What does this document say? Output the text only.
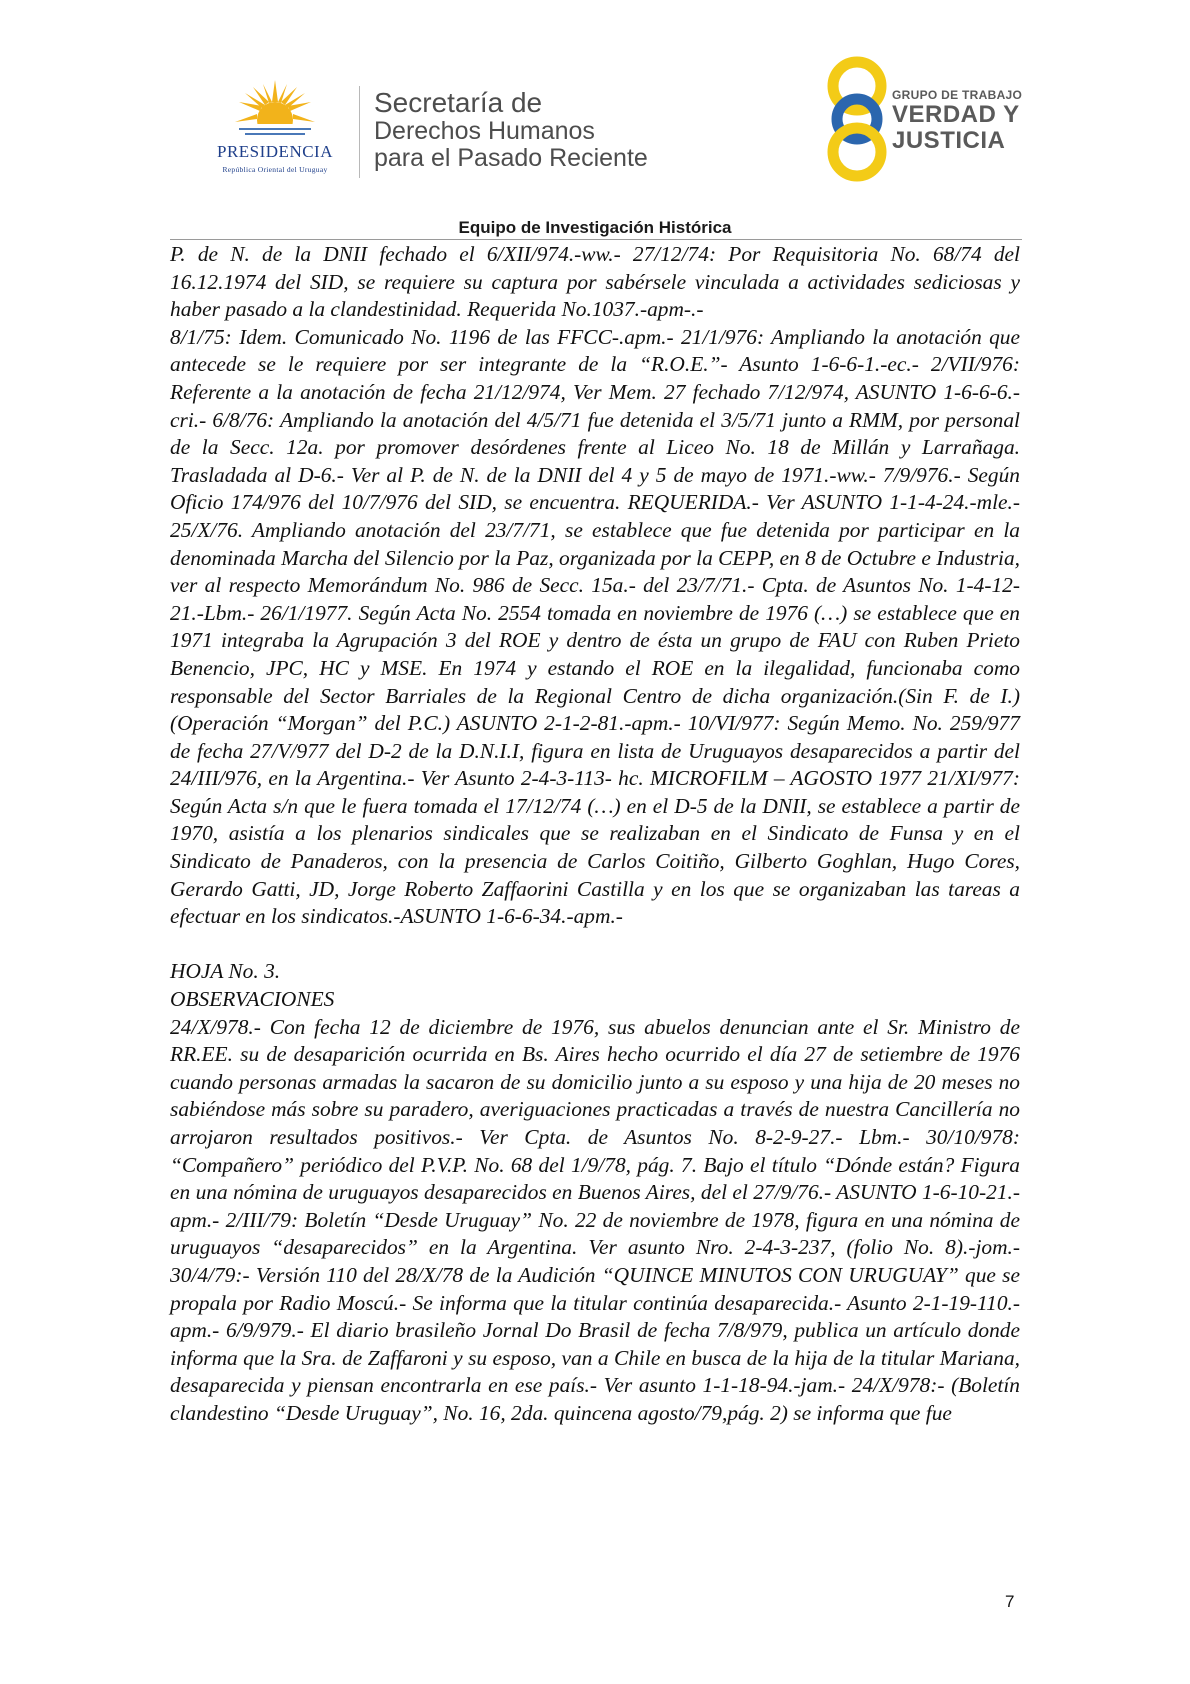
PRESIDENCIA
República Oriental del Uruguay
Secretaría de
Derechos Humanos
para el Pasado Reciente
GRUPO DE TRABAJO
VERDAD Y
JUSTICIA
Equipo de Investigación Histórica

P. de N. de la DNII fechado el 6/XII/974.-ww.- 27/12/74: Por Requisitoria No. 68/74 del 16.12.1974 del SID, se requiere su captura por sabérsele vinculada a actividades sediciosas y haber pasado a la clandestinidad. Requerida No.1037.-apm-.-

8/1/75: Idem. Comunicado No. 1196 de las FFCC-.apm.- 21/1/976: Ampliando la anotación que antecede se le requiere por ser integrante de la “R.O.E.”- Asunto 1-6-6-1.-ec.- 2/VII/976: Referente a la anotación de fecha 21/12/974, Ver Mem. 27 fechado 7/12/974, ASUNTO 1-6-6-6.-cri.- 6/8/76: Ampliando la anotación del 4/5/71 fue detenida el 3/5/71 junto a RMM, por personal de la Secc. 12a. por promover desórdenes frente al Liceo No. 18 de Millán y Larrañaga. Trasladada al D-6.- Ver al P. de N. de la DNII del 4 y 5 de mayo de 1971.-ww.- 7/9/976.- Según Oficio 174/976 del 10/7/976 del SID, se encuentra. REQUERIDA.- Ver ASUNTO 1-1-4-24.-mle.- 25/X/76. Ampliando anotación del 23/7/71, se establece que fue detenida por participar en la denominada Marcha del Silencio por la Paz, organizada por la CEPP, en 8 de Octubre e Industria, ver al respecto Memorándum No. 986 de Secc. 15a.- del 23/7/71.- Cpta. de Asuntos No. 1-4-12-21.-Lbm.- 26/1/1977. Según Acta No. 2554 tomada en noviembre de 1976 (…) se establece que en 1971 integraba la Agrupación 3 del ROE y dentro de ésta un grupo de FAU con Ruben Prieto Benencio, JPC, HC y MSE. En 1974 y estando el ROE en la ilegalidad, funcionaba como responsable del Sector Barriales de la Regional Centro de dicha organización.(Sin F. de I.) (Operación “Morgan” del P.C.) ASUNTO 2-1-2-81.-apm.- 10/VI/977: Según Memo. No. 259/977 de fecha 27/V/977 del D-2 de la D.N.I.I, figura en lista de Uruguayos desaparecidos a partir del 24/III/976, en la Argentina.- Ver Asunto 2-4-3-113- hc. MICROFILM – AGOSTO 1977 21/XI/977: Según Acta s/n que le fuera tomada el 17/12/74 (…) en el D-5 de la DNII, se establece a partir de 1970, asistía a los plenarios sindicales que se realizaban en el Sindicato de Funsa y en el Sindicato de Panaderos, con la presencia de Carlos Coitiño, Gilberto Goghlan, Hugo Cores, Gerardo Gatti, JD, Jorge Roberto Zaffaorini Castilla y en los que se organizaban las tareas a efectuar en los sindicatos.-ASUNTO 1-6-6-34.-apm.-

HOJA No. 3.

OBSERVACIONES

24/X/978.- Con fecha 12 de diciembre de 1976, sus abuelos denuncian ante el Sr. Ministro de RR.EE. su de desaparición ocurrida en Bs. Aires hecho ocurrido el día 27 de setiembre de 1976 cuando personas armadas la sacaron de su domicilio junto a su esposo y una hija de 20 meses no sabiéndose más sobre su paradero, averiguaciones practicadas a través de nuestra Cancillería no arrojaron resultados positivos.- Ver Cpta. de Asuntos No. 8-2-9-27.- Lbm.- 30/10/978: “Compañero” periódico del P.V.P. No. 68 del 1/9/78, pág. 7. Bajo el título “Dónde están? Figura en una nómina de uruguayos desaparecidos en Buenos Aires, del el 27/9/76.- ASUNTO 1-6-10-21.- apm.- 2/III/79: Boletín “Desde Uruguay” No. 22 de noviembre de 1978, figura en una nómina de uruguayos “desaparecidos” en la Argentina. Ver asunto Nro. 2-4-3-237, (folio No. 8).-jom.- 30/4/79:- Versión 110 del 28/X/78 de la Audición “QUINCE MINUTOS CON URUGUAY” que se propala por Radio Moscú.- Se informa que la titular continúa desaparecida.- Asunto 2-1-19-110.-apm.- 6/9/979.- El diario brasileño Jornal Do Brasil de fecha 7/8/979, publica un artículo donde informa que la Sra. de Zaffaroni y su esposo, van a Chile en busca de la hija de la titular Mariana, desaparecida y piensan encontrarla en ese país.- Ver asunto 1-1-18-94.-jam.- 24/X/978:- (Boletín clandestino “Desde Uruguay”, No. 16, 2da. quincena agosto/79,pág. 2) se informa que fue

7
